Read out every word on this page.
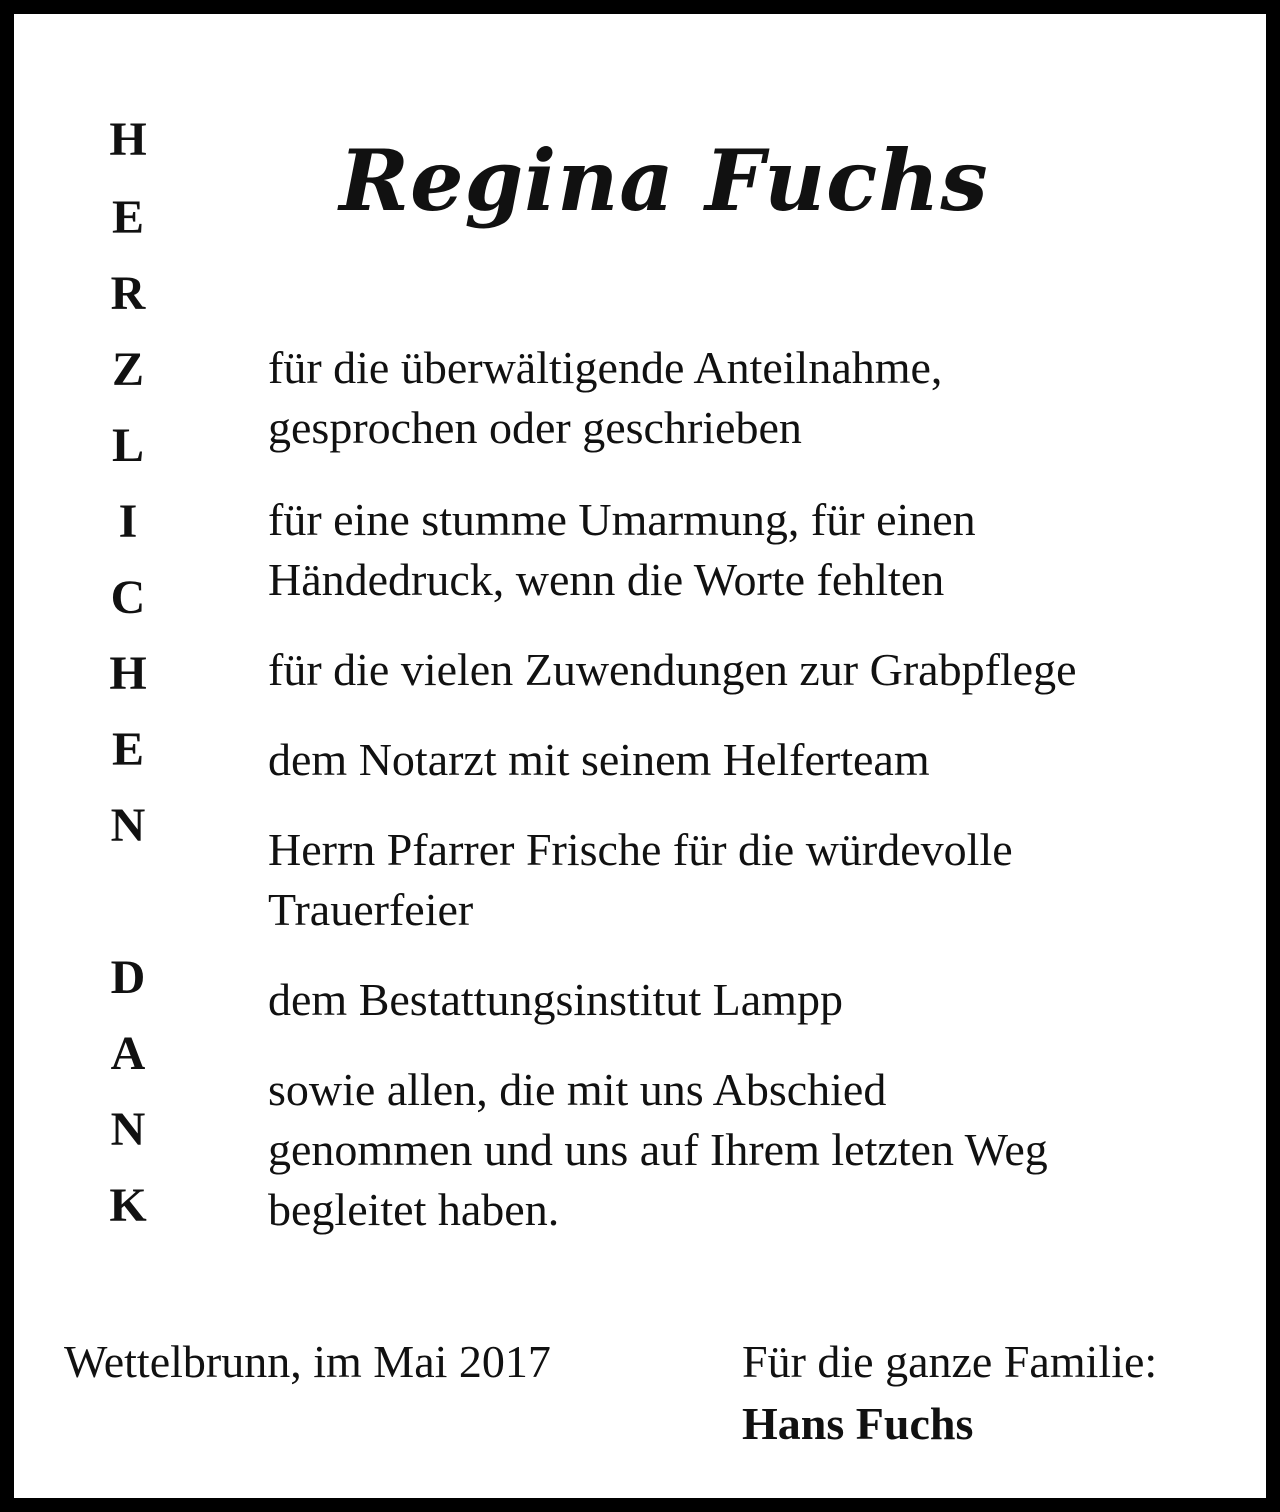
H
E
R
Z
L
I
C
H
E
N
D
A
N
K
Regina Fuchs
für die überwältigende Anteilnahme,
gesprochen oder geschrieben
für eine stumme Umarmung, für einen
Händedruck, wenn die Worte fehlten
für die vielen Zuwendungen zur Grabpflege
dem Notarzt mit seinem Helferteam
Herrn Pfarrer Frische für die würdevolle
Trauerfeier
dem Bestattungsinstitut Lampp
sowie allen, die mit uns Abschied
genommen und uns auf Ihrem letzten Weg
begleitet haben.
Wettelbrunn, im Mai 2017	Für die ganze Familie:
Hans Fuchs
